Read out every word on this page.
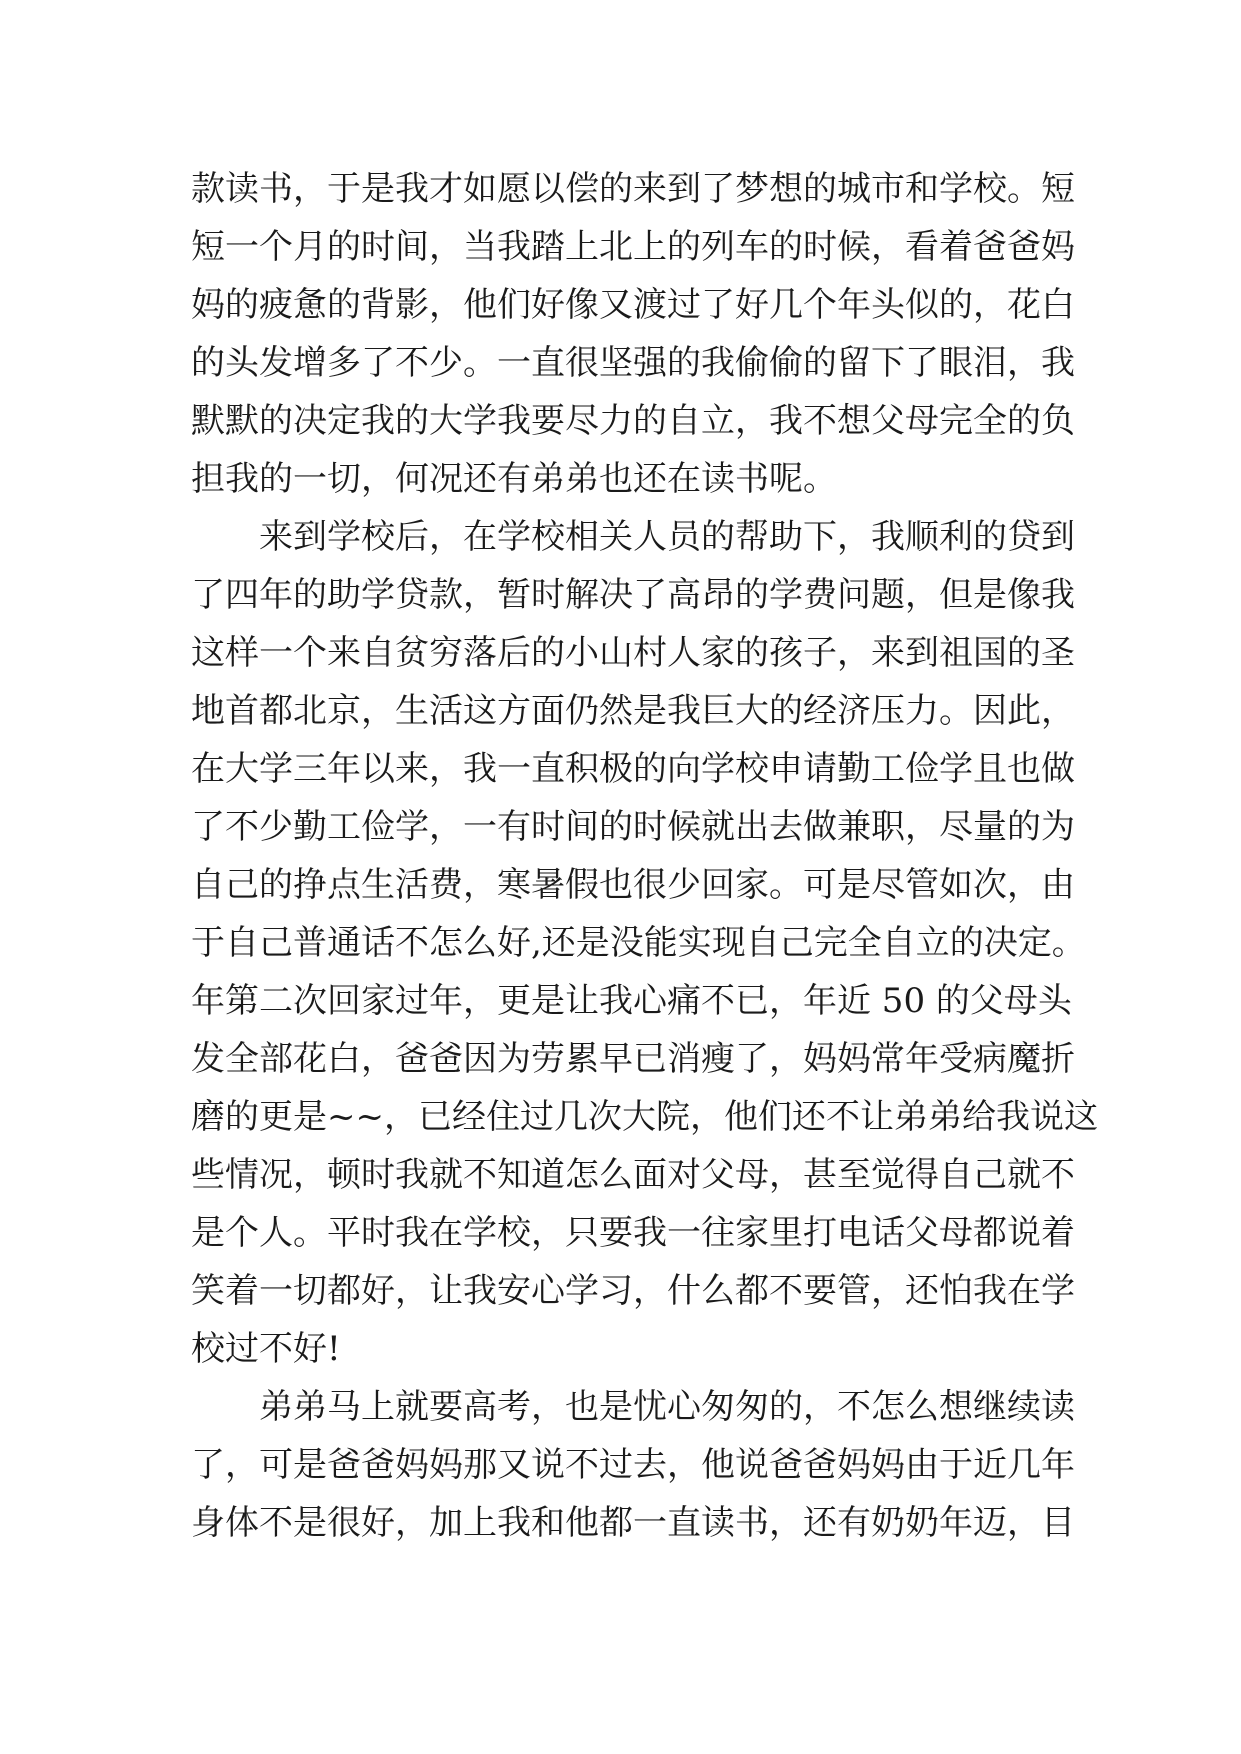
款读书，于是我才如愿以偿的来到了梦想的城市和学校。短
短一个月的时间，当我踏上北上的列车的时候，看着爸爸妈
妈的疲惫的背影，他们好像又渡过了好几个年头似的，花白
的头发增多了不少。一直很坚强的我偷偷的留下了眼泪，我
默默的决定我的大学我要尽力的自立，我不想父母完全的负
担我的一切，何况还有弟弟也还在读书呢。
来到学校后，在学校相关人员的帮助下，我顺利的贷到
了四年的助学贷款，暂时解决了高昂的学费问题，但是像我
这样一个来自贫穷落后的小山村人家的孩子，来到祖国的圣
地首都北京，生活这方面仍然是我巨大的经济压力。因此，
在大学三年以来，我一直积极的向学校申请勤工俭学且也做
了不少勤工俭学，一有时间的时候就出去做兼职，尽量的为
自己的挣点生活费，寒暑假也很少回家。可是尽管如次，由
于自己普通话不怎么好,还是没能实现自己完全自立的决定。
年第二次回家过年，更是让我心痛不已，年近 50 的父母头
发全部花白，爸爸因为劳累早已消瘦了，妈妈常年受病魔折
磨的更是~~，已经住过几次大院，他们还不让弟弟给我说这
些情况，顿时我就不知道怎么面对父母，甚至觉得自己就不
是个人。平时我在学校，只要我一往家里打电话父母都说着
笑着一切都好，让我安心学习，什么都不要管，还怕我在学
校过不好!
弟弟马上就要高考，也是忧心匆匆的，不怎么想继续读
了，可是爸爸妈妈那又说不过去，他说爸爸妈妈由于近几年
身体不是很好，加上我和他都一直读书，还有奶奶年迈，目
